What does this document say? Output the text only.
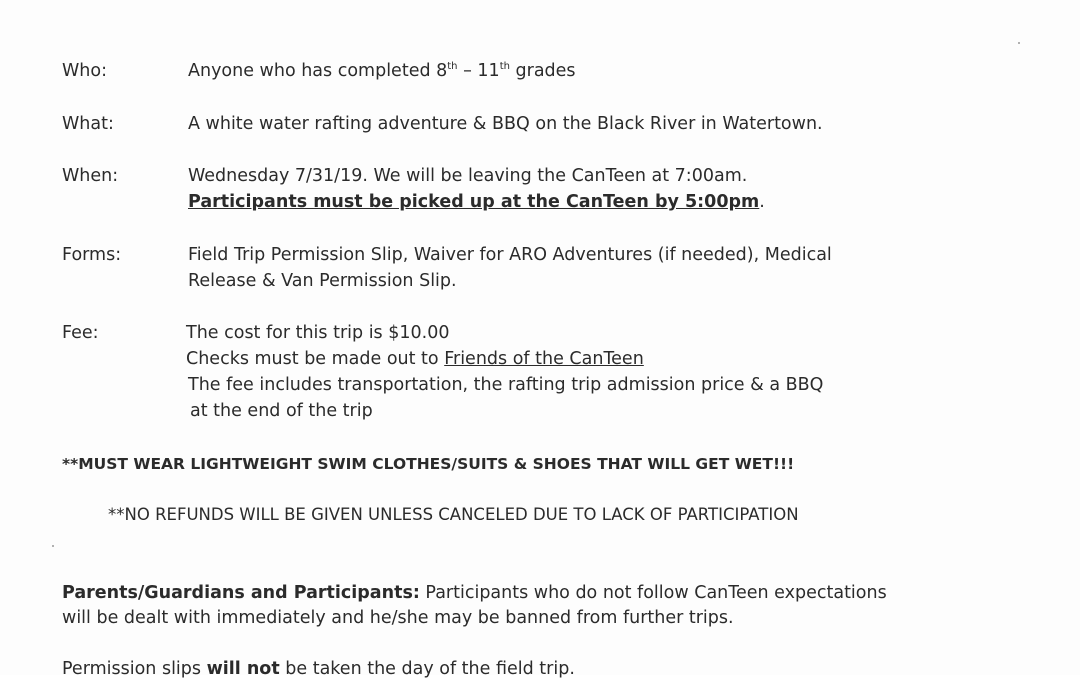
Who:	Anyone who has completed 8th – 11th grades
What:	A white water rafting adventure & BBQ on the Black River in Watertown.
When:	Wednesday 7/31/19. We will be leaving the CanTeen at 7:00am.
Participants must be picked up at the CanTeen by 5:00pm.
Forms:	Field Trip Permission Slip, Waiver for ARO Adventures (if needed), Medical
Release & Van Permission Slip.
Fee:	The cost for this trip is $10.00
Checks must be made out to Friends of the CanTeen
The fee includes transportation, the rafting trip admission price & a BBQ
at the end of the trip
**MUST WEAR LIGHTWEIGHT SWIM CLOTHES/SUITS & SHOES THAT WILL GET WET!!!
**NO REFUNDS WILL BE GIVEN UNLESS CANCELED DUE TO LACK OF PARTICIPATION
Parents/Guardians and Participants: Participants who do not follow CanTeen expectations
will be dealt with immediately and he/she may be banned from further trips.
Permission slips will not be taken the day of the field trip.
